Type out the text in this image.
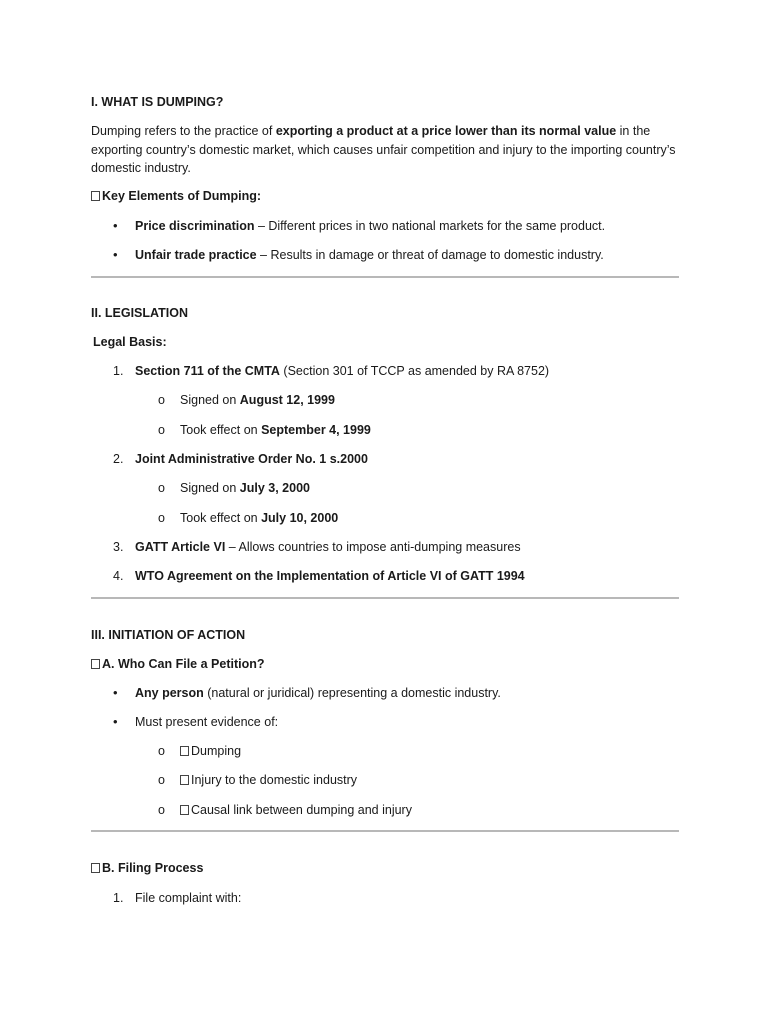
I. WHAT IS DUMPING?
Dumping refers to the practice of exporting a product at a price lower than its normal value in the exporting country’s domestic market, which causes unfair competition and injury to the importing country’s domestic industry.
Key Elements of Dumping:
• Price discrimination – Different prices in two national markets for the same product.
• Unfair trade practice – Results in damage or threat of damage to domestic industry.
II. LEGISLATION
Legal Basis:
1. Section 711 of the CMTA (Section 301 of TCCP as amended by RA 8752)
o Signed on August 12, 1999
o Took effect on September 4, 1999
2. Joint Administrative Order No. 1 s.2000
o Signed on July 3, 2000
o Took effect on July 10, 2000
3. GATT Article VI – Allows countries to impose anti-dumping measures
4. WTO Agreement on the Implementation of Article VI of GATT 1994
III. INITIATION OF ACTION
A. Who Can File a Petition?
• Any person (natural or juridical) representing a domestic industry.
• Must present evidence of:
o	Dumping
o	Injury to the domestic industry
o	Causal link between dumping and injury
B. Filing Process
1. File complaint with:
